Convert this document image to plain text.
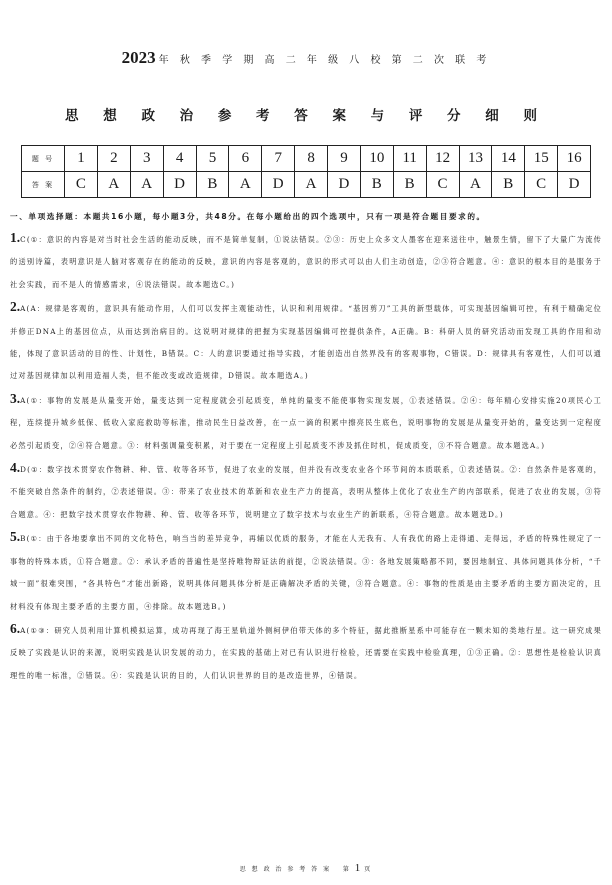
2023 年 秋 季 学 期 高 二 年 级 八 校 第 二 次 联 考
思 想 政 治 参 考 答 案 与 评 分 细 则
题 号	1	2	3	4	5	6	7	8	9	10	11	12	13	14	15	16
答 案	C	A	A	D	B	A	D	A	D	B	B	C	A	B	C	D

一、单项选择题：本题共16小题，每小题3分，共48分。在每小题给出的四个选项中，只有一项是符合题目要求的。

1.C(①：意识的内容是对当时社会生活的能动反映，而不是简单复制，①说法错误。②③：历史上众多文人墨客在迎来送往中，触景生情，留下了大量广为流传的送别诗篇，表明意识是人脑对客观存在的能动的反映，意识的内容是客观的，意识的形式可以由人们主动创造，②③符合题意。④：意识的根本目的是服务于社会实践，而不是人的情感需求，④说法错误。故本题选C。)

2.A(A：规律是客观的，意识具有能动作用，人们可以发挥主观能动性，认识和利用规律。“基因剪刀”工具的新型载体，可实现基因编辑可控，有利于精确定位并修正DNA上的基因位点，从而达到治病目的。这说明对规律的把握为实现基因编辑可控提供条件，A正确。B：科研人员的研究活动而发现工具的作用和动能，体现了意识活动的目的性、计划性，B错误。C：人的意识要通过指导实践，才能创造出自然界没有的客观事物，C错误。D：规律具有客观性，人们可以通过对基因规律加以利用造福人类，但不能改变或改造规律，D错误。故本题选A。)

3.A(①：事物的发展是从量变开始，量变达到一定程度就会引起质变，单纯的量变不能使事物实现发展，①表述错误。②④：每年精心安排实施20项民心工程，连续提升城乡低保、低收入家庭救助等标准，推动民生日益改善，在一点一滴的积累中擦亮民生底色，说明事物的发展是从量变开始的，量变达到一定程度必然引起质变，②④符合题意。③：材料强调量变积累，对于要在一定程度上引起质变不涉及抓住时机，促成质变，③不符合题意。故本题选A。)

4.D(①：数字技术贯穿农作物耕、种、管、收等各环节，促进了农业的发展，但并没有改变农业各个环节间的本质联系，①表述错误。②：自然条件是客观的，不能突破自然条件的制约，②表述错误。③：带来了农业技术的革新和农业生产力的提高，表明从整体上优化了农业生产的内部联系，促进了农业的发展，③符合题意。④：把数字技术贯穿农作物耕、种、管、收等各环节，说明建立了数字技术与农业生产的新联系，④符合题意。故本题选D。)

5.B(①：由于各地要拿出不同的文化特色，响当当的差异竞争，再辅以优质的服务，才能在人无我有、人有我优的路上走得通、走得远，矛盾的特殊性规定了一事物的特殊本质，①符合题意。②：承认矛盾的普遍性是坚持唯物辩证法的前提，②说法错误。③：各地发展策略都不同，要因地制宜、具体问题具体分析，“千城一面”很难突围，“各具特色”才能出新路，说明具体问题具体分析是正确解决矛盾的关键，③符合题意。④：事物的性质是由主要矛盾的主要方面决定的，且材料没有体现主要矛盾的主要方面，④排除。故本题选B。)

6.A(①③：研究人员利用计算机模拟运算，成功再现了海王星轨道外侧柯伊伯带天体的多个特征，据此推断星系中可能存在一颗未知的类地行星。这一研究成果反映了实践是认识的来源，说明实践是认识发展的动力，在实践的基础上对已有认识进行检验，还需要在实践中检验真理，①③正确。②：思想性是检验认识真理性的唯一标准，②错误。④：实践是认识的目的，人们认识世界的目的是改造世界，④错误。

思 想 政 治 参 考 答 案 第 1 页
